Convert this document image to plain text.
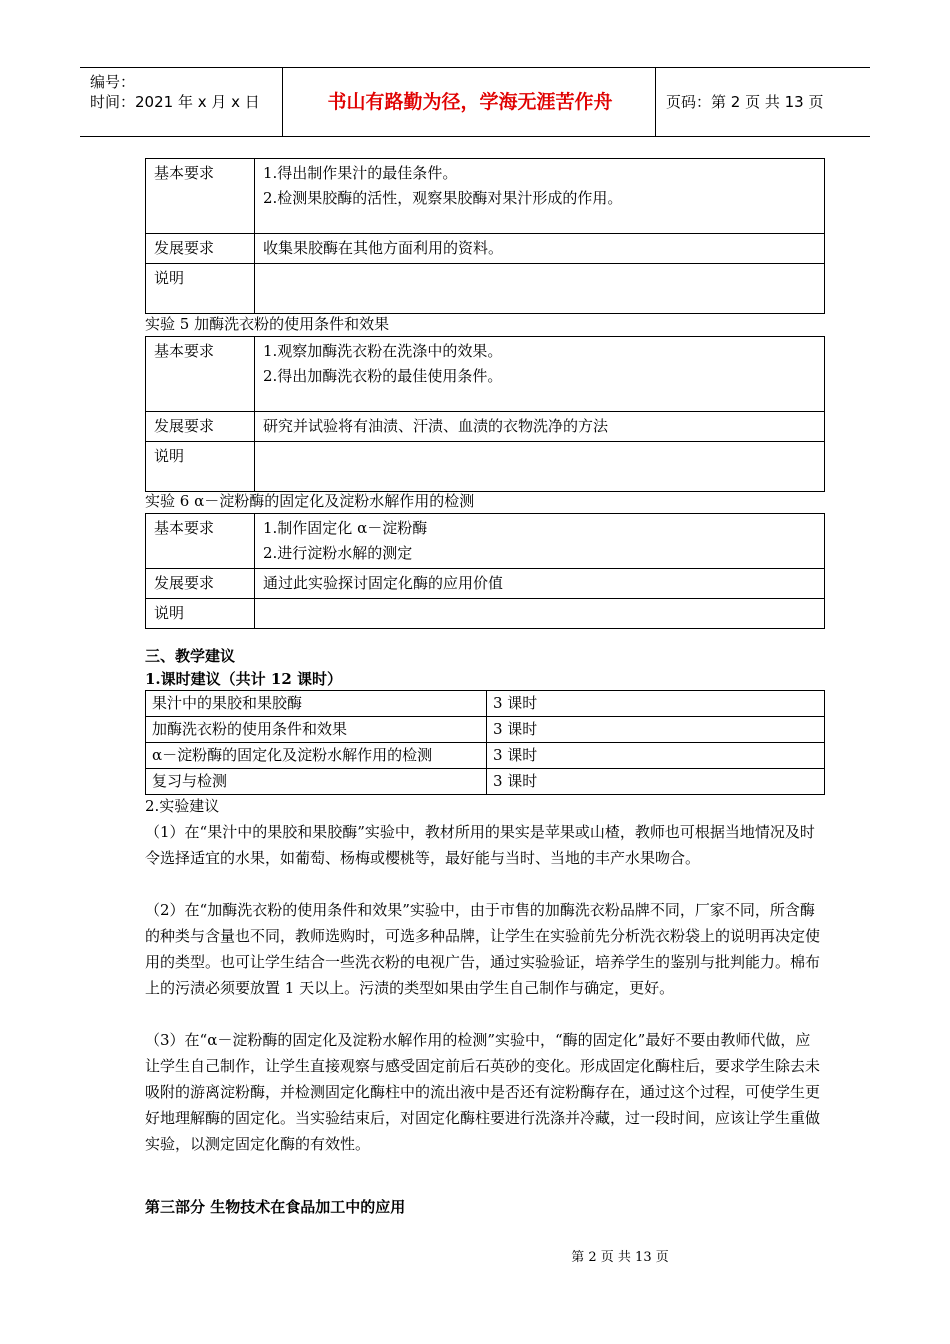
编号：
时间：2021 年 x 月 x 日	书山有路勤为径，学海无涯苦作舟	页码：第 2 页 共 13 页
基本要求	1.得出制作果汁的最佳条件。
2.检测果胶酶的活性，观察果胶酶对果汁形成的作用。

发展要求	收集果胶酶在其他方面利用的资料。
说明	
实验 5 加酶洗衣粉的使用条件和效果
基本要求	1.观察加酶洗衣粉在洗涤中的效果。
2.得出加酶洗衣粉的最佳使用条件。

发展要求	研究并试验将有油渍、汗渍、血渍的衣物洗净的方法
说明	
实验 6 α－淀粉酶的固定化及淀粉水解作用的检测
基本要求	1.制作固定化 α－淀粉酶
2.进行淀粉水解的测定

发展要求	通过此实验探讨固定化酶的应用价值
说明	
三、教学建议
1.课时建议（共计 12 课时）
果汁中的果胶和果胶酶	3 课时
加酶洗衣粉的使用条件和效果	3 课时
α－淀粉酶的固定化及淀粉水解作用的检测	3 课时
复习与检测	3 课时
2.实验建议
（1）在“果汁中的果胶和果胶酶”实验中，教材所用的果实是苹果或山楂，教师也可根据当地情况及时令选择适宜的水果，如葡萄、杨梅或樱桃等，最好能与当时、当地的丰产水果吻合。
（2）在“加酶洗衣粉的使用条件和效果”实验中，由于市售的加酶洗衣粉品牌不同，厂家不同，所含酶的种类与含量也不同，教师选购时，可选多种品牌，让学生在实验前先分析洗衣粉袋上的说明再决定使用的类型。也可让学生结合一些洗衣粉的电视广告，通过实验验证，培养学生的鉴别与批判能力。棉布上的污渍必须要放置 1 天以上。污渍的类型如果由学生自己制作与确定，更好。
（3）在“α－淀粉酶的固定化及淀粉水解作用的检测”实验中，“酶的固定化”最好不要由教师代做，应让学生自己制作，让学生直接观察与感受固定前后石英砂的变化。形成固定化酶柱后，要求学生除去未吸附的游离淀粉酶，并检测固定化酶柱中的流出液中是否还有淀粉酶存在，通过这个过程，可使学生更好地理解酶的固定化。当实验结束后，对固定化酶柱要进行洗涤并冷藏，过一段时间，应该让学生重做实验，以测定固定化酶的有效性。
第三部分 生物技术在食品加工中的应用
第 2 页 共 13 页
